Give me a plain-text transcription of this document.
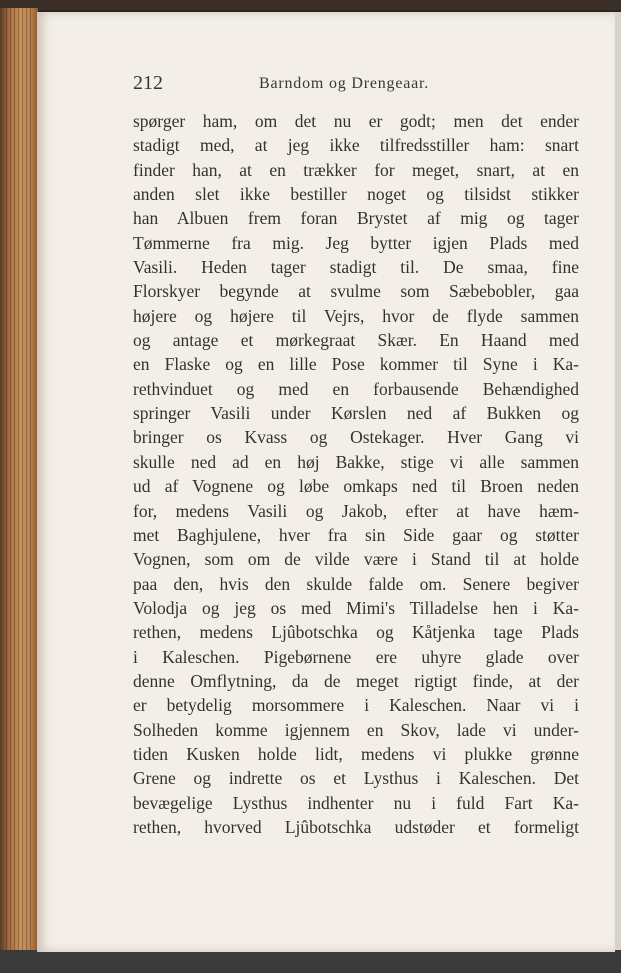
212	Barndom og Drengeaar.
spørger ham, om det nu er godt; men det ender
stadigt med, at jeg ikke tilfredsstiller ham: snart
finder han, at en trækker for meget, snart, at en
anden slet ikke bestiller noget og tilsidst stikker
han Albuen frem foran Brystet af mig og tager
Tømmerne fra mig. Jeg bytter igjen Plads med
Vasili. Heden tager stadigt til. De smaa, fine
Florskyer begynde at svulme som Sæbebobler, gaa
højere og højere til Vejrs, hvor de flyde sammen
og antage et mørkegraat Skær. En Haand med
en Flaske og en lille Pose kommer til Syne i Ka-
rethvinduet og med en forbausende Behændighed
springer Vasili under Kørslen ned af Bukken og
bringer os Kvass og Ostekager. Hver Gang vi
skulle ned ad en høj Bakke, stige vi alle sammen
ud af Vognene og løbe omkaps ned til Broen neden
for, medens Vasili og Jakob, efter at have hæm-
met Baghjulene, hver fra sin Side gaar og støtter
Vognen, som om de vilde være i Stand til at holde
paa den, hvis den skulde falde om. Senere begiver
Volodja og jeg os med Mimi's Tilladelse hen i Ka-
rethen, medens Ljûbotschka og Kåtjenka tage Plads
i Kaleschen. Pigebørnene ere uhyre glade over
denne Omflytning, da de meget rigtigt finde, at der
er betydelig morsommere i Kaleschen. Naar vi i
Solheden komme igjennem en Skov, lade vi under-
tiden Kusken holde lidt, medens vi plukke grønne
Grene og indrette os et Lysthus i Kaleschen. Det
bevægelige Lysthus indhenter nu i fuld Fart Ka-
rethen, hvorved Ljûbotschka udstøder et formeligt
